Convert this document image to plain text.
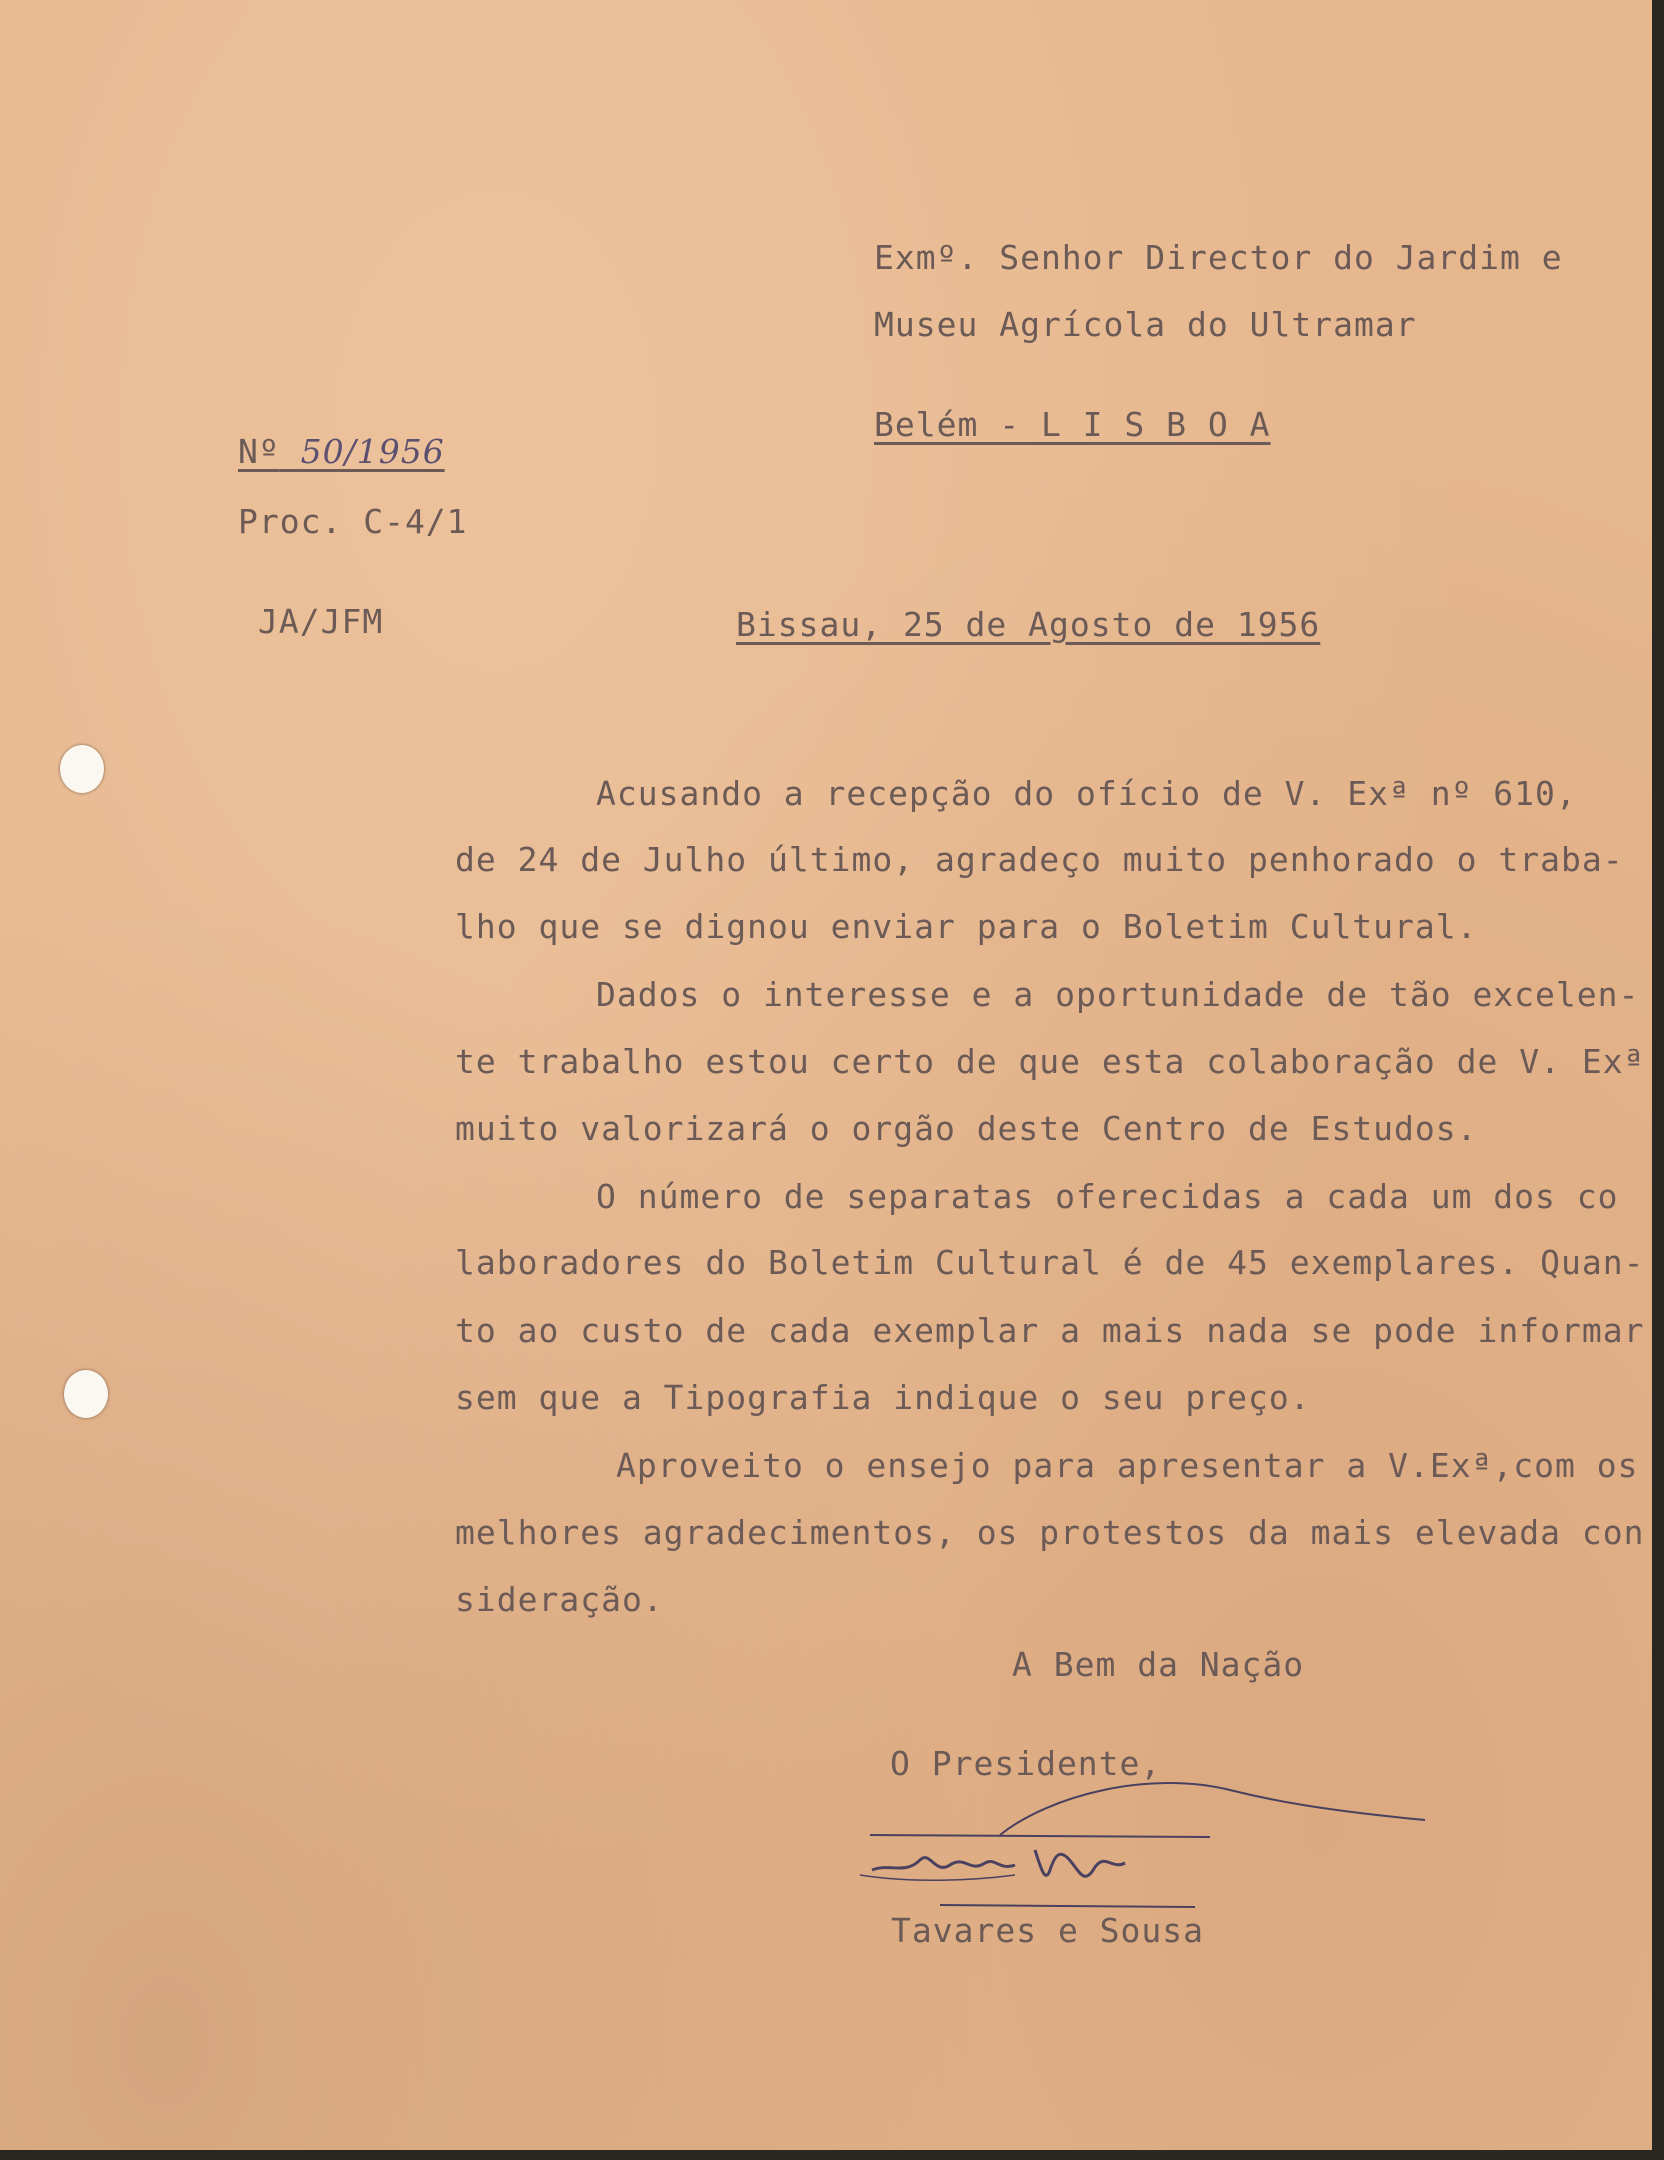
Exmº. Senhor Director do Jardim e
Museu Agrícola do Ultramar
Belém - L I S B O A
Nº 50/1956
Proc. C-4/1
JA/JFM	Bissau, 25 de Agosto de 1956
Acusando a recepção do ofício de V. Exª nº 610,
de 24 de Julho último, agradeço muito penhorado o traba-
lho que se dignou enviar para o Boletim Cultural.
Dados o interesse e a oportunidade de tão excelen-
te trabalho estou certo de que esta colaboração de V. Exª
muito valorizará o orgão deste Centro de Estudos.
O número de separatas oferecidas a cada um dos co
laboradores do Boletim Cultural é de 45 exemplares. Quan-
to ao custo de cada exemplar a mais nada se pode informar
sem que a Tipografia indique o seu preço.
Aproveito o ensejo para apresentar a V.Exª,com os
melhores agradecimentos, os protestos da mais elevada con
sideração.
A Bem da Nação
O Presidente,
Tavares e Sousa
